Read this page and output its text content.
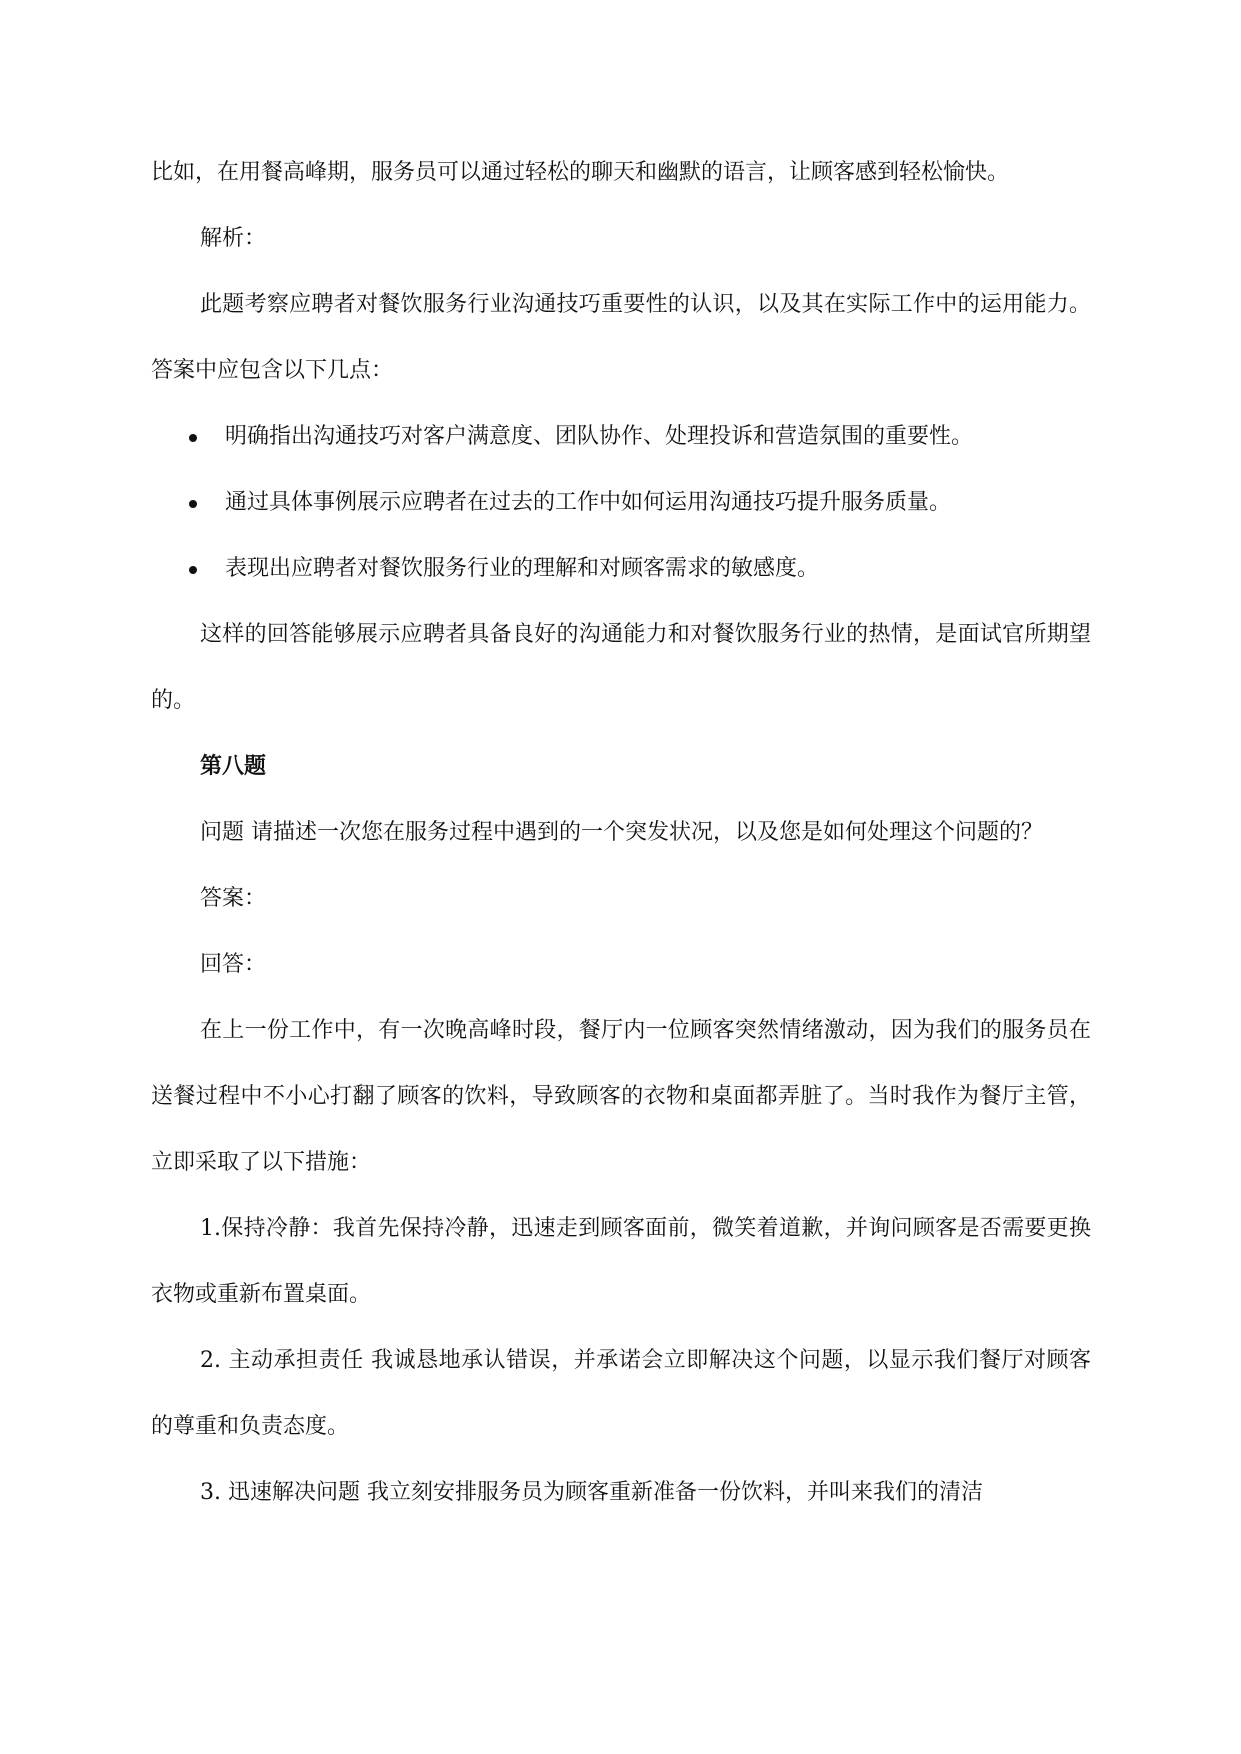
比如，在用餐高峰期，服务员可以通过轻松的聊天和幽默的语言，让顾客感到轻松愉快。

解析：

此题考察应聘者对餐饮服务行业沟通技巧重要性的认识，以及其在实际工作中的运用能力。答案中应包含以下几点：

明确指出沟通技巧对客户满意度、团队协作、处理投诉和营造氛围的重要性。
通过具体事例展示应聘者在过去的工作中如何运用沟通技巧提升服务质量。
表现出应聘者对餐饮服务行业的理解和对顾客需求的敏感度。

这样的回答能够展示应聘者具备良好的沟通能力和对餐饮服务行业的热情，是面试官所期望的。

第八题

问题 请描述一次您在服务过程中遇到的一个突发状况，以及您是如何处理这个问题的？

答案：

回答：

在上一份工作中，有一次晚高峰时段，餐厅内一位顾客突然情绪激动，因为我们的服务员在送餐过程中不小心打翻了顾客的饮料，导致顾客的衣物和桌面都弄脏了。当时我作为餐厅主管，立即采取了以下措施：

1.保持冷静：我首先保持冷静，迅速走到顾客面前，微笑着道歉，并询问顾客是否需要更换衣物或重新布置桌面。

2. 主动承担责任 我诚恳地承认错误，并承诺会立即解决这个问题，以显示我们餐厅对顾客的尊重和负责态度。

3. 迅速解决问题 我立刻安排服务员为顾客重新准备一份饮料，并叫来我们的清洁
